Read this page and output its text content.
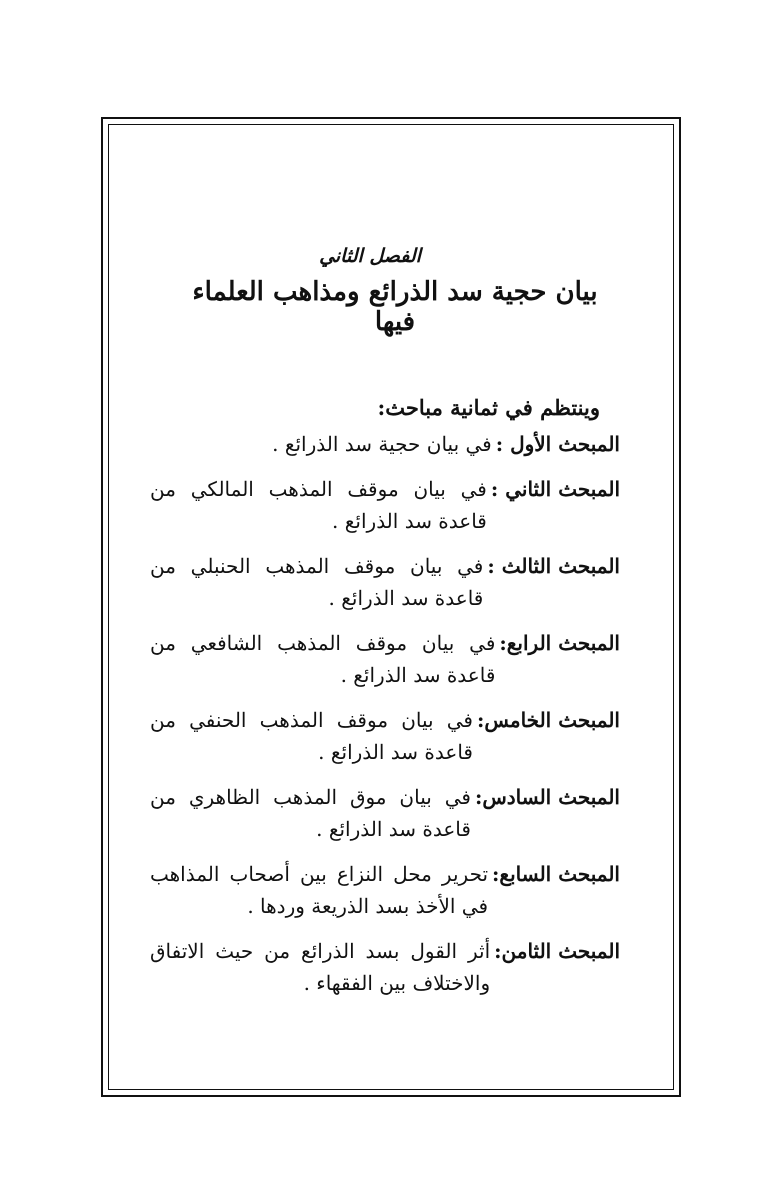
الفصل الثاني
بيان حجية سد الذرائع ومذاهب العلماء فيها
وينتظم في ثمانية مباحث:
المبحث الأول :
في بيان حجية سد الذرائع .
المبحث الثاني :
في بيان موقف المذهب المالكي من قاعدة سد الذرائع .
المبحث الثالث :
في بيان موقف المذهب الحنبلي من قاعدة سد الذرائع .
المبحث الرابع:
في بيان موقف المذهب الشافعي من قاعدة سد الذرائع .
المبحث الخامس:
في بيان موقف المذهب الحنفي من قاعدة سد الذرائع .
المبحث السادس:
في بيان موق المذهب الظاهري من قاعدة سد الذرائع .
المبحث السابع:
تحرير محل النزاع بين أصحاب المذاهب في الأخذ بسد الذريعة وردها .
المبحث الثامن:
أثر القول بسد الذرائع من حيث الاتفاق والاختلاف بين الفقهاء .
